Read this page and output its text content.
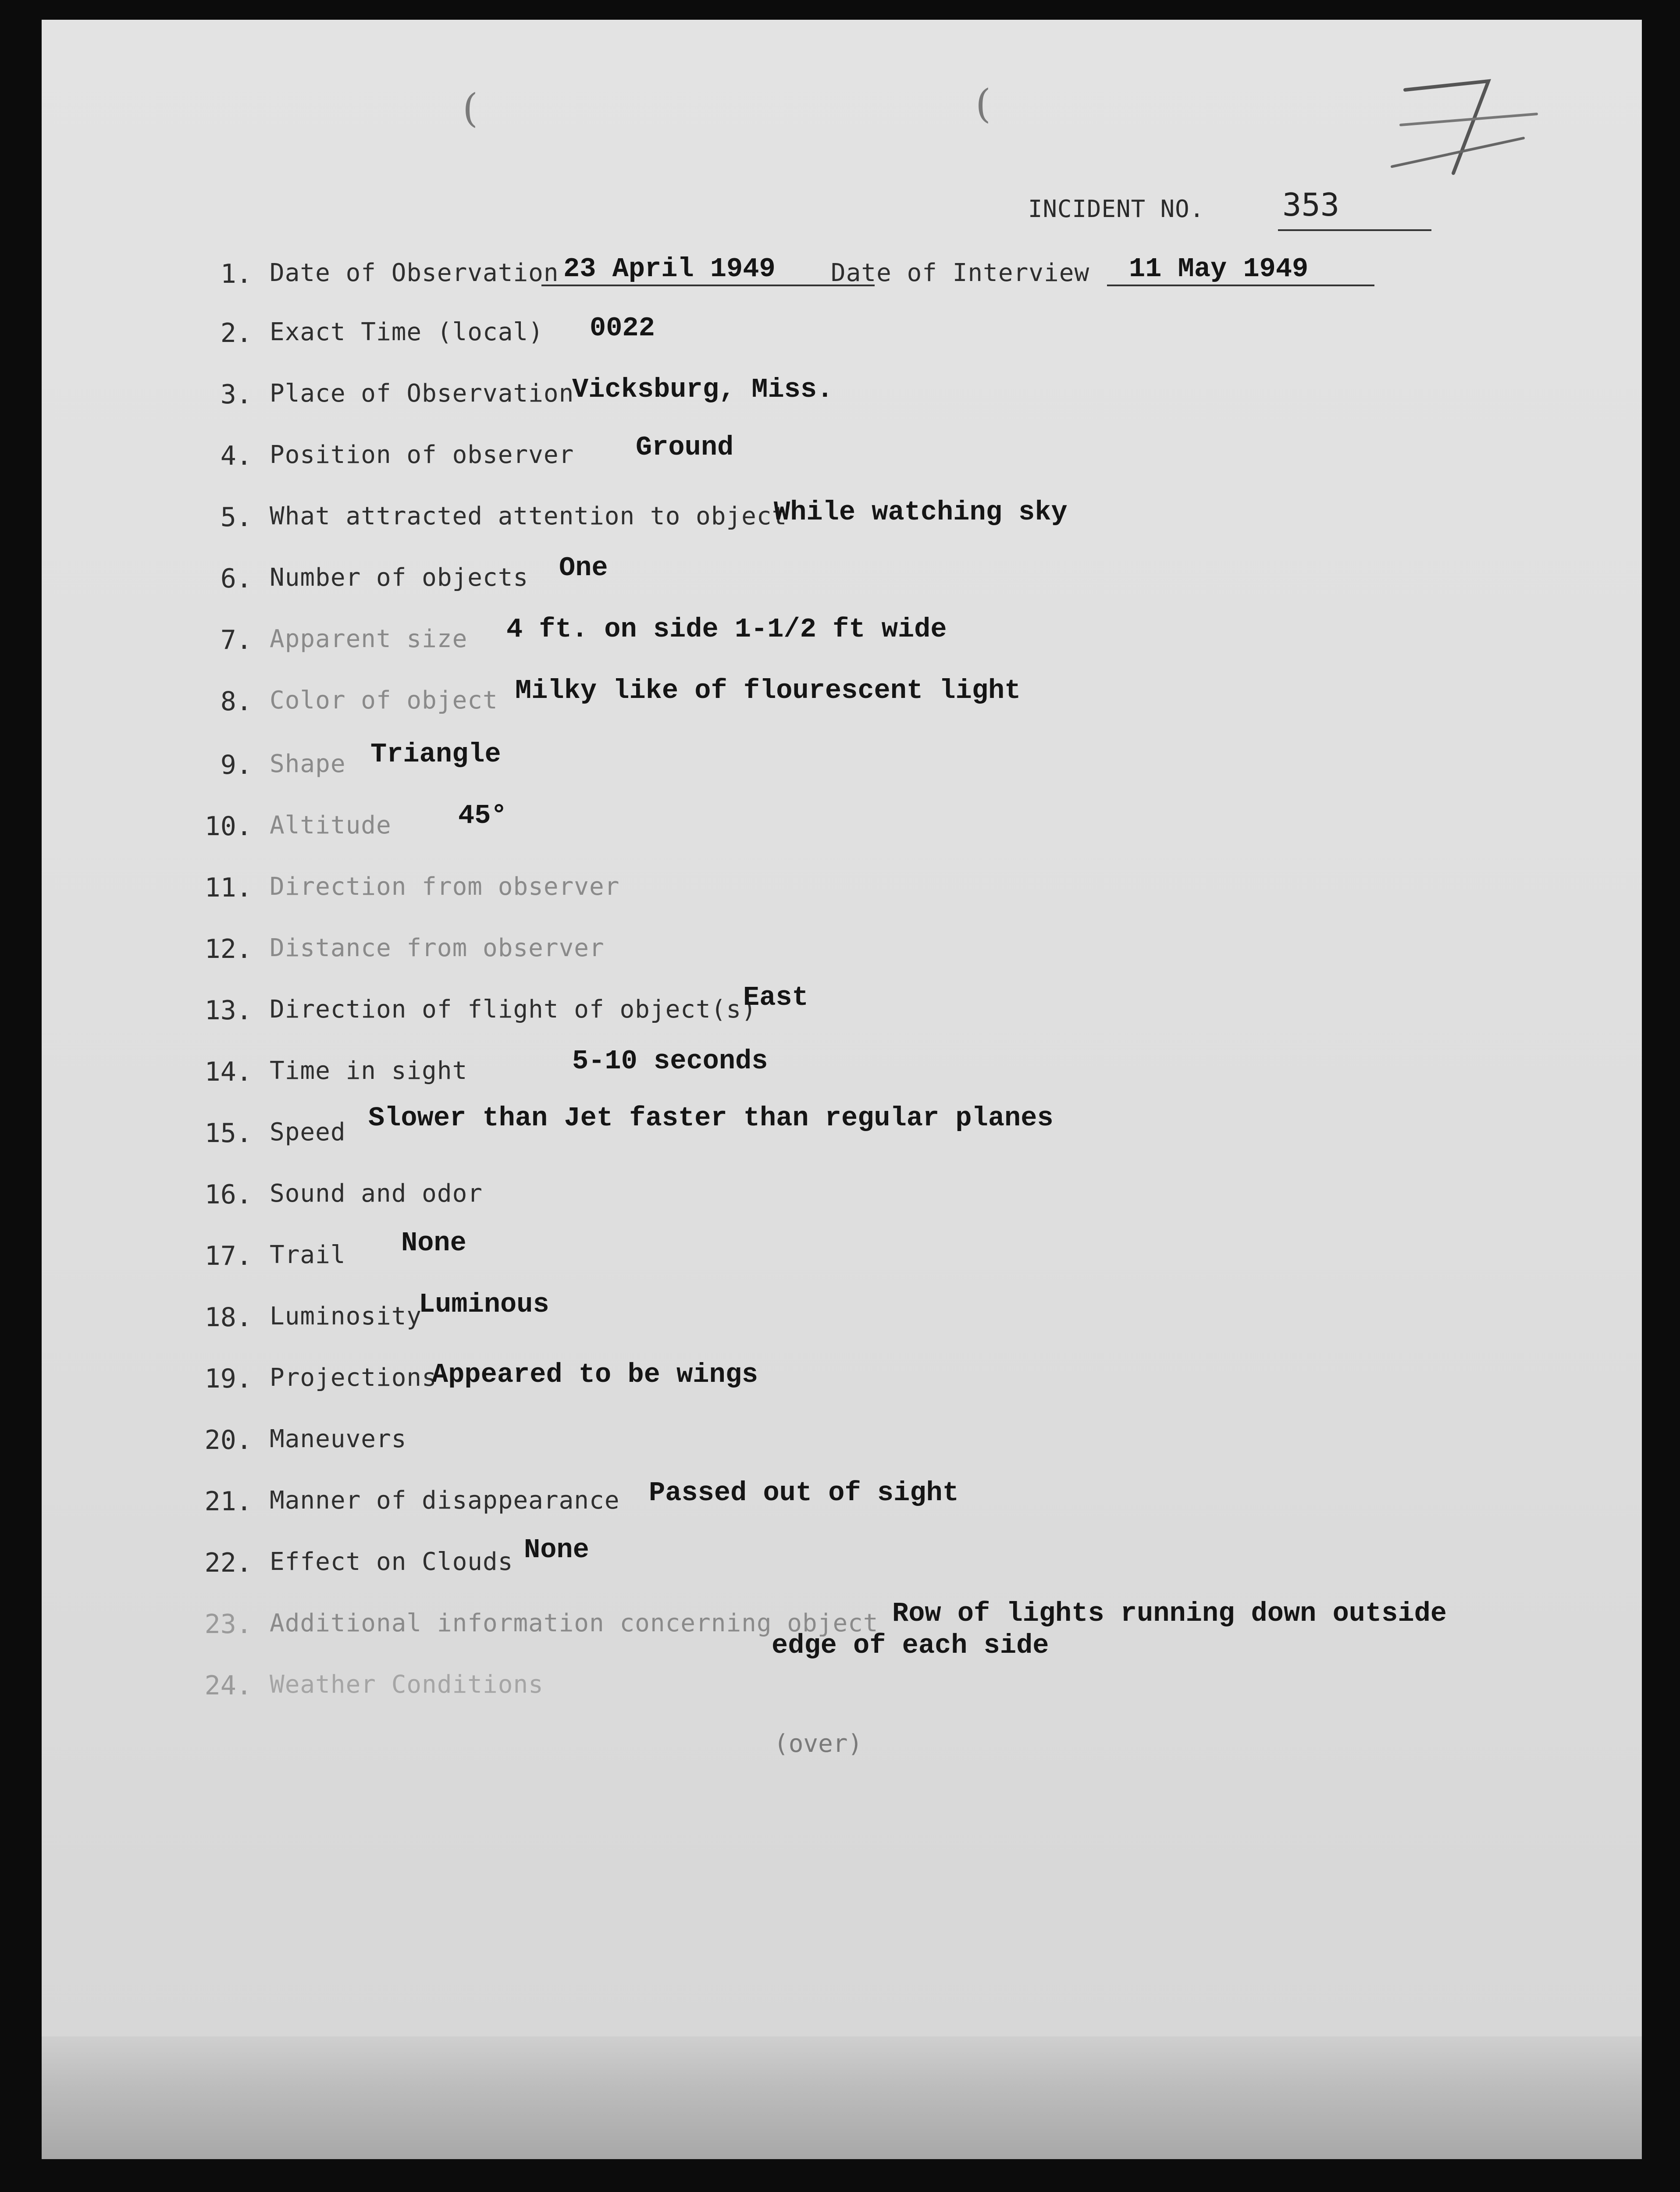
(	(
INCIDENT NO. 353
1. Date of Observation 23 April 1949	Date of Interview	11 May 1949
2. Exact Time (local) 0022
3. Place of Observation
Vicksburg, Miss.
4. Position of observer Ground
5. What attracted attention to object
While watching sky
6. Number of objects One
7. Apparent size 4 ft. on side 1-1/2 ft wide
8. Color of object Milky like of flourescent light
9. Shape Triangle
10. Altitude 45°
11. Direction from observer
12. Distance from observer
13. Direction of flight of object(s)
East
14. Time in sight	5-10 seconds
15. Speed Slower than Jet faster than regular planes
16. Sound and odor
17. Trail None
18. Luminosity
Luminous
19. Projections
Appeared to be wings
20. Maneuvers
21. Manner of disappearance Passed out of sight
22. Effect on Clouds None
23. Additional information concerning object Row of lights running down outside
edge of each side
24. Weather Conditions
(over)
